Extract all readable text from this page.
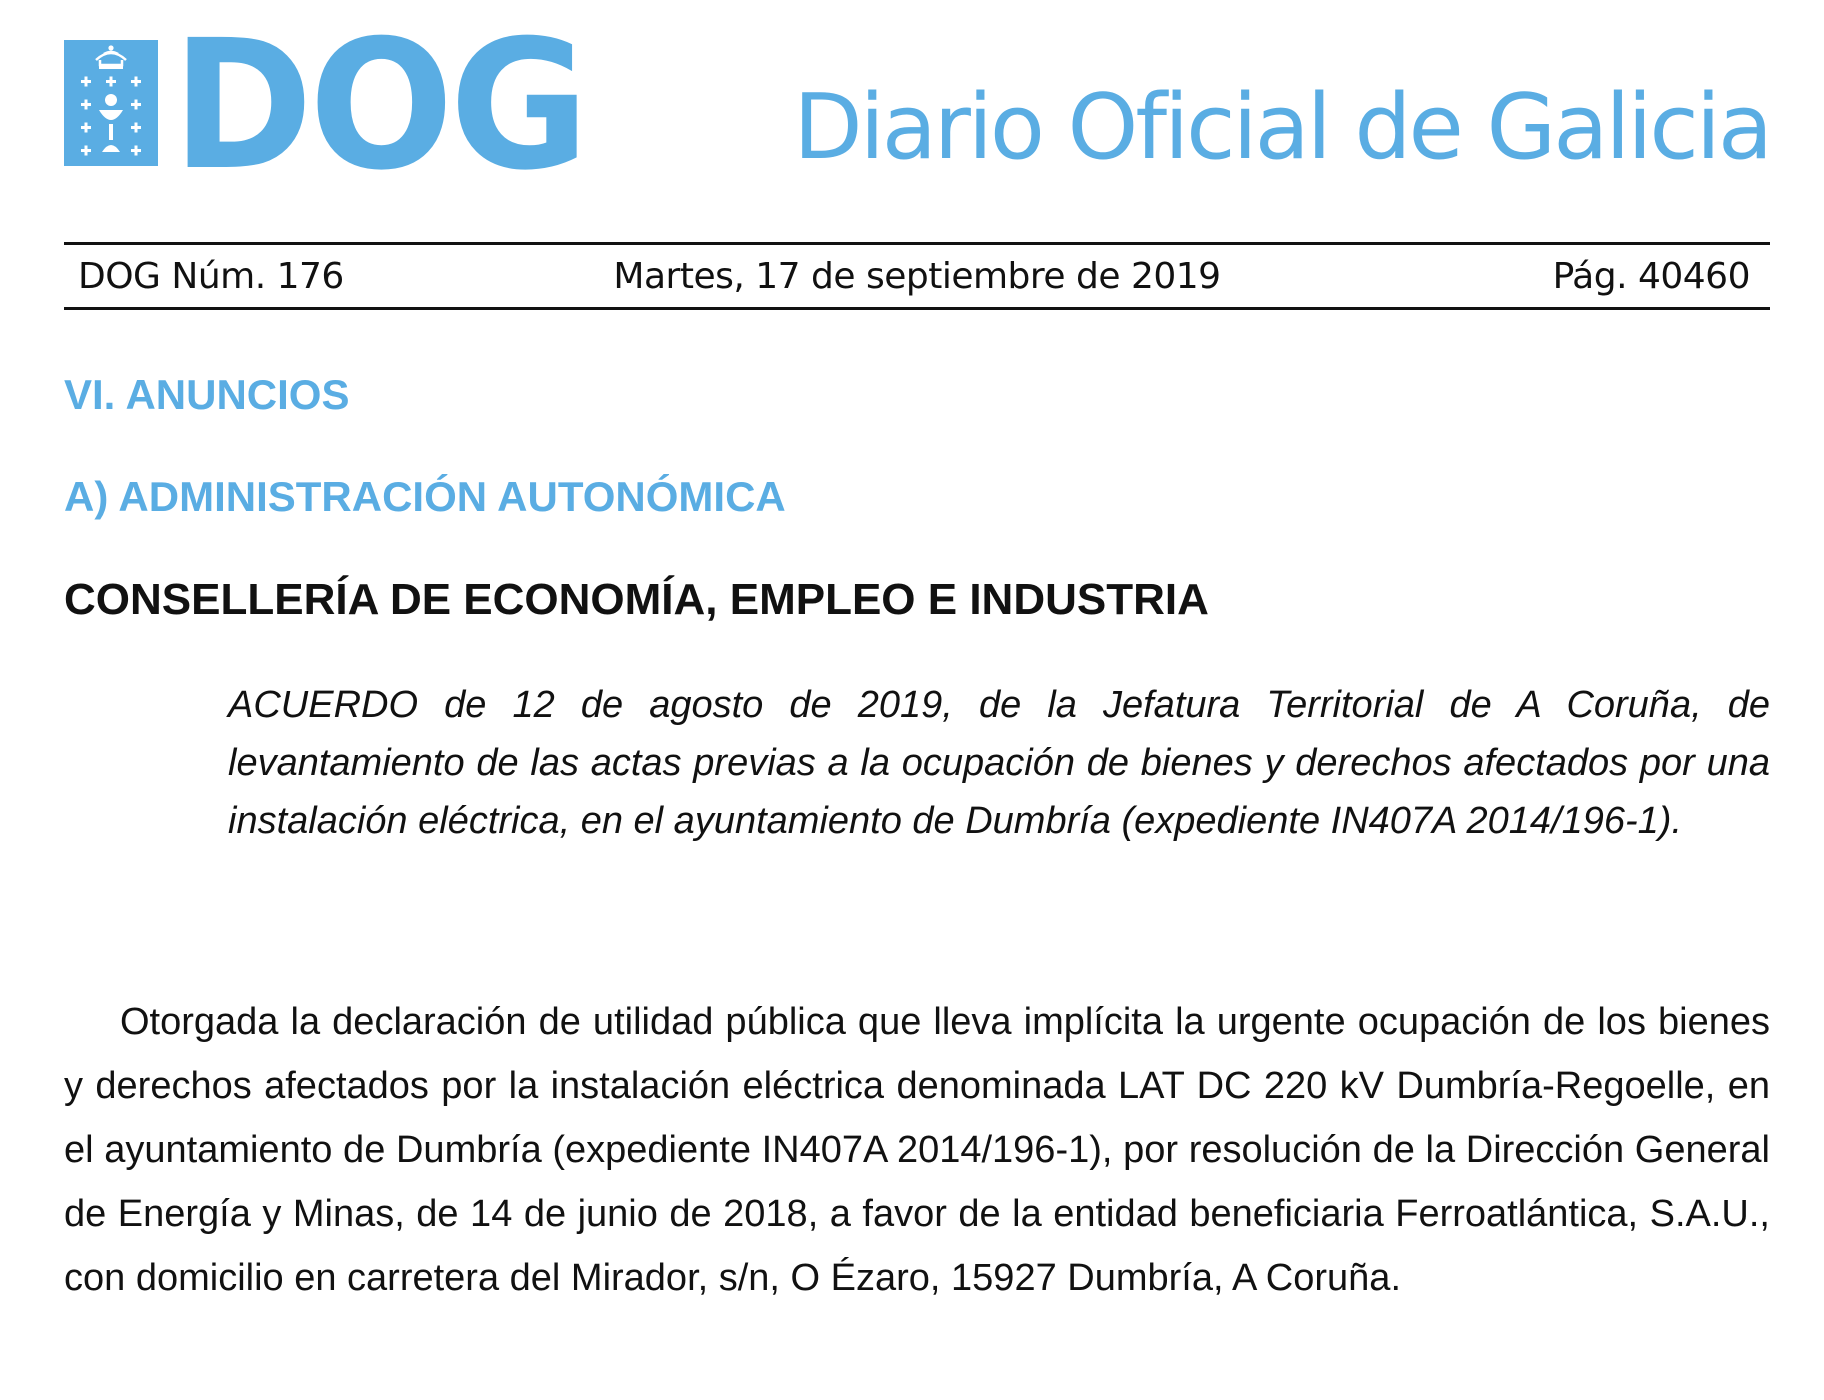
DOG Diario Oficial de Galicia
DOG Núm. 176	Martes, 17 de septiembre de 2019	Pág. 40460
VI. ANUNCIOS
A) ADMINISTRACIÓN AUTONÓMICA
CONSELLERÍA DE ECONOMÍA, EMPLEO E INDUSTRIA
ACUERDO de 12 de agosto de 2019, de la Jefatura Territorial de A Coruña, de levantamiento de las actas previas a la ocupación de bienes y derechos afectados por una instalación eléctrica, en el ayuntamiento de Dumbría (expediente IN407A 2014/196-1).
Otorgada la declaración de utilidad pública que lleva implícita la urgente ocupación de los bienes y derechos afectados por la instalación eléctrica denominada LAT DC 220 kV Dumbría-Regoelle, en el ayuntamiento de Dumbría (expediente IN407A 2014/196-1), por resolución de la Dirección General de Energía y Minas, de 14 de junio de 2018, a favor de la entidad beneficiaria Ferroatlántica, S.A.U., con domicilio en carretera del Mirador, s/n, O Ézaro, 15927 Dumbría, A Coruña.
